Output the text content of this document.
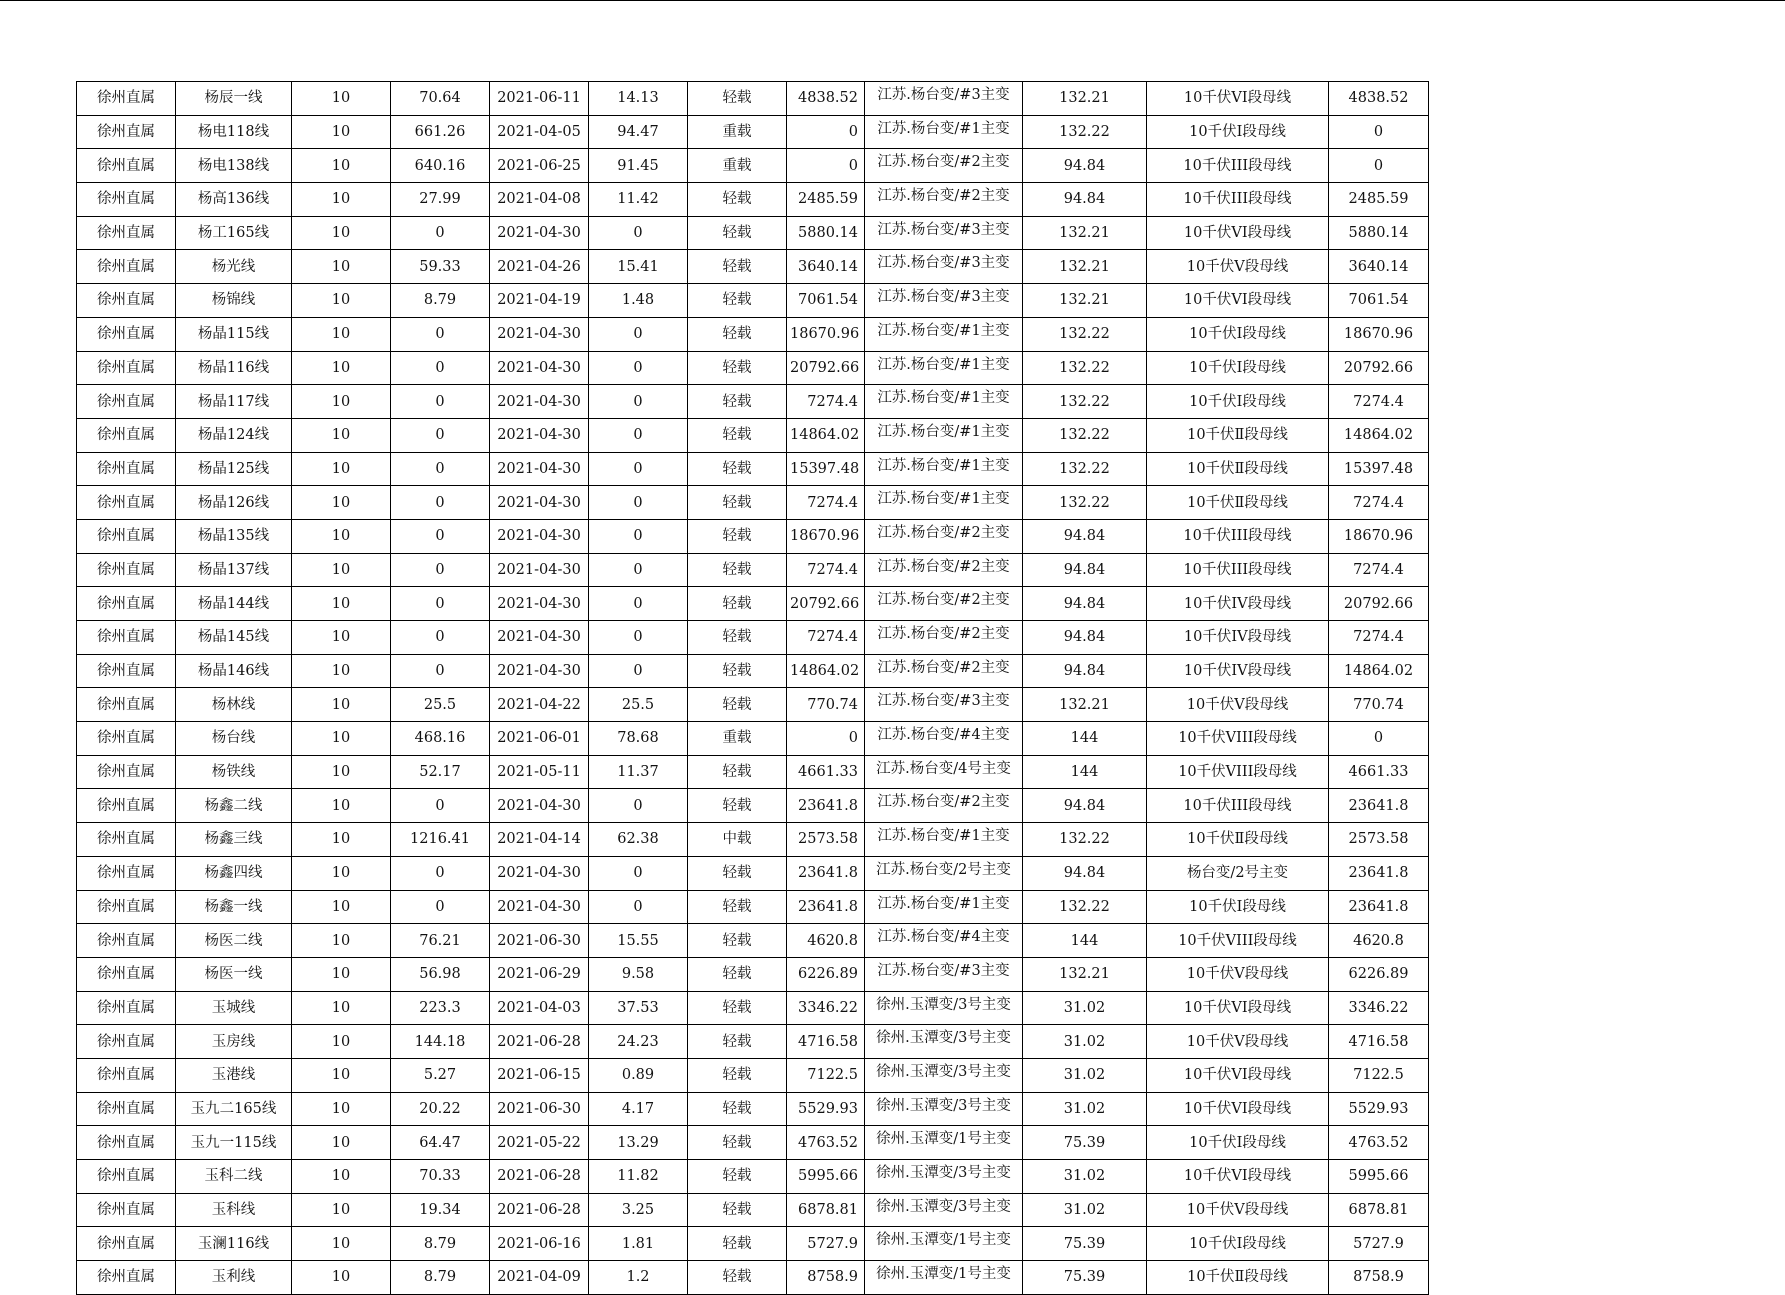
徐州直属	杨辰一线	10	70.64	2021-06-11	14.13	轻载	4838.52	江苏.杨台变/#3主变	132.21	10千伏VI段母线	4838.52
徐州直属	杨电118线	10	661.26	2021-04-05	94.47	重载	0	江苏.杨台变/#1主变	132.22	10千伏Ⅰ段母线	0
徐州直属	杨电138线	10	640.16	2021-06-25	91.45	重载	0	江苏.杨台变/#2主变	94.84	10千伏III段母线	0
徐州直属	杨高136线	10	27.99	2021-04-08	11.42	轻载	2485.59	江苏.杨台变/#2主变	94.84	10千伏III段母线	2485.59
徐州直属	杨工165线	10	0	2021-04-30	0	轻载	5880.14	江苏.杨台变/#3主变	132.21	10千伏VI段母线	5880.14
徐州直属	杨光线	10	59.33	2021-04-26	15.41	轻载	3640.14	江苏.杨台变/#3主变	132.21	10千伏Ⅴ段母线	3640.14
徐州直属	杨锦线	10	8.79	2021-04-19	1.48	轻载	7061.54	江苏.杨台变/#3主变	132.21	10千伏VI段母线	7061.54
徐州直属	杨晶115线	10	0	2021-04-30	0	轻载	18670.96	江苏.杨台变/#1主变	132.22	10千伏Ⅰ段母线	18670.96
徐州直属	杨晶116线	10	0	2021-04-30	0	轻载	20792.66	江苏.杨台变/#1主变	132.22	10千伏Ⅰ段母线	20792.66
徐州直属	杨晶117线	10	0	2021-04-30	0	轻载	7274.4	江苏.杨台变/#1主变	132.22	10千伏Ⅰ段母线	7274.4
徐州直属	杨晶124线	10	0	2021-04-30	0	轻载	14864.02	江苏.杨台变/#1主变	132.22	10千伏Ⅱ段母线	14864.02
徐州直属	杨晶125线	10	0	2021-04-30	0	轻载	15397.48	江苏.杨台变/#1主变	132.22	10千伏Ⅱ段母线	15397.48
徐州直属	杨晶126线	10	0	2021-04-30	0	轻载	7274.4	江苏.杨台变/#1主变	132.22	10千伏Ⅱ段母线	7274.4
徐州直属	杨晶135线	10	0	2021-04-30	0	轻载	18670.96	江苏.杨台变/#2主变	94.84	10千伏III段母线	18670.96
徐州直属	杨晶137线	10	0	2021-04-30	0	轻载	7274.4	江苏.杨台变/#2主变	94.84	10千伏III段母线	7274.4
徐州直属	杨晶144线	10	0	2021-04-30	0	轻载	20792.66	江苏.杨台变/#2主变	94.84	10千伏IV段母线	20792.66
徐州直属	杨晶145线	10	0	2021-04-30	0	轻载	7274.4	江苏.杨台变/#2主变	94.84	10千伏IV段母线	7274.4
徐州直属	杨晶146线	10	0	2021-04-30	0	轻载	14864.02	江苏.杨台变/#2主变	94.84	10千伏IV段母线	14864.02
徐州直属	杨林线	10	25.5	2021-04-22	25.5	轻载	770.74	江苏.杨台变/#3主变	132.21	10千伏Ⅴ段母线	770.74
徐州直属	杨台线	10	468.16	2021-06-01	78.68	重载	0	江苏.杨台变/#4主变	144	10千伏VIII段母线	0
徐州直属	杨铁线	10	52.17	2021-05-11	11.37	轻载	4661.33	江苏.杨台变/4号主变	144	10千伏VIII段母线	4661.33
徐州直属	杨鑫二线	10	0	2021-04-30	0	轻载	23641.8	江苏.杨台变/#2主变	94.84	10千伏III段母线	23641.8
徐州直属	杨鑫三线	10	1216.41	2021-04-14	62.38	中载	2573.58	江苏.杨台变/#1主变	132.22	10千伏Ⅱ段母线	2573.58
徐州直属	杨鑫四线	10	0	2021-04-30	0	轻载	23641.8	江苏.杨台变/2号主变	94.84	杨台变/2号主变	23641.8
徐州直属	杨鑫一线	10	0	2021-04-30	0	轻载	23641.8	江苏.杨台变/#1主变	132.22	10千伏Ⅰ段母线	23641.8
徐州直属	杨医二线	10	76.21	2021-06-30	15.55	轻载	4620.8	江苏.杨台变/#4主变	144	10千伏VIII段母线	4620.8
徐州直属	杨医一线	10	56.98	2021-06-29	9.58	轻载	6226.89	江苏.杨台变/#3主变	132.21	10千伏Ⅴ段母线	6226.89
徐州直属	玉城线	10	223.3	2021-04-03	37.53	轻载	3346.22	徐州.玉潭变/3号主变	31.02	10千伏VI段母线	3346.22
徐州直属	玉房线	10	144.18	2021-06-28	24.23	轻载	4716.58	徐州.玉潭变/3号主变	31.02	10千伏Ⅴ段母线	4716.58
徐州直属	玉港线	10	5.27	2021-06-15	0.89	轻载	7122.5	徐州.玉潭变/3号主变	31.02	10千伏VI段母线	7122.5
徐州直属	玉九二165线	10	20.22	2021-06-30	4.17	轻载	5529.93	徐州.玉潭变/3号主变	31.02	10千伏VI段母线	5529.93
徐州直属	玉九一115线	10	64.47	2021-05-22	13.29	轻载	4763.52	徐州.玉潭变/1号主变	75.39	10千伏Ⅰ段母线	4763.52
徐州直属	玉科二线	10	70.33	2021-06-28	11.82	轻载	5995.66	徐州.玉潭变/3号主变	31.02	10千伏VI段母线	5995.66
徐州直属	玉科线	10	19.34	2021-06-28	3.25	轻载	6878.81	徐州.玉潭变/3号主变	31.02	10千伏Ⅴ段母线	6878.81
徐州直属	玉澜116线	10	8.79	2021-06-16	1.81	轻载	5727.9	徐州.玉潭变/1号主变	75.39	10千伏Ⅰ段母线	5727.9
徐州直属	玉利线	10	8.79	2021-04-09	1.2	轻载	8758.9	徐州.玉潭变/1号主变	75.39	10千伏Ⅱ段母线	8758.9
